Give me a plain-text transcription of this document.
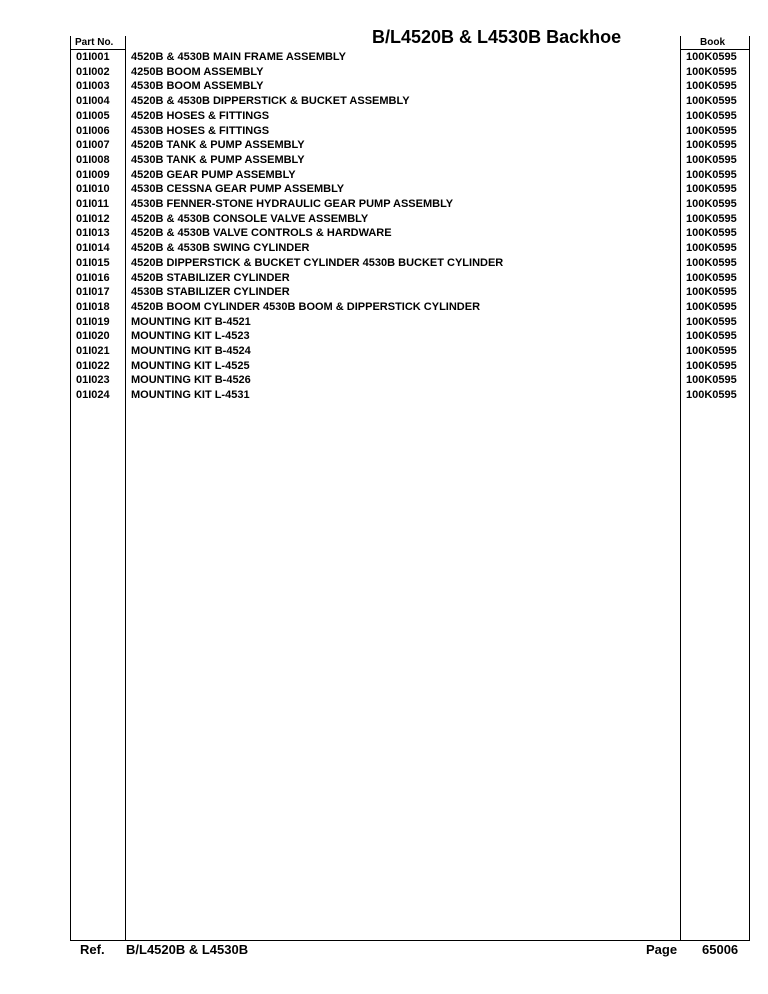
Part No.	B/L4520B & L4530B Backhoe	Book
01I001 4520B & 4530B MAIN FRAME ASSEMBLY	100K0595
01I002 4250B BOOM ASSEMBLY	100K0595
01I003 4530B BOOM ASSEMBLY	100K0595
01I004 4520B & 4530B DIPPERSTICK & BUCKET ASSEMBLY	100K0595
01I005 4520B HOSES & FITTINGS	100K0595
01I006 4530B HOSES & FITTINGS	100K0595
01I007 4520B TANK & PUMP ASSEMBLY	100K0595
01I008 4530B TANK & PUMP ASSEMBLY	100K0595
01I009 4520B GEAR PUMP ASSEMBLY	100K0595
01I010 4530B CESSNA GEAR PUMP ASSEMBLY	100K0595
01I011 4530B FENNER-STONE HYDRAULIC GEAR PUMP ASSEMBLY	100K0595
01I012 4520B & 4530B CONSOLE VALVE ASSEMBLY	100K0595
01I013 4520B & 4530B VALVE CONTROLS & HARDWARE	100K0595
01I014 4520B & 4530B SWING CYLINDER	100K0595
01I015 4520B DIPPERSTICK & BUCKET CYLINDER 4530B BUCKET CYLINDER	100K0595
01I016 4520B STABILIZER CYLINDER	100K0595
01I017 4530B STABILIZER CYLINDER	100K0595
01I018 4520B BOOM CYLINDER 4530B BOOM & DIPPERSTICK CYLINDER	100K0595
01I019 MOUNTING KIT B-4521	100K0595
01I020 MOUNTING KIT L-4523	100K0595
01I021 MOUNTING KIT B-4524	100K0595
01I022 MOUNTING KIT L-4525	100K0595
01I023 MOUNTING KIT B-4526	100K0595
01I024 MOUNTING KIT L-4531	100K0595
Ref. B/L4520B & L4530B	Page 65006
